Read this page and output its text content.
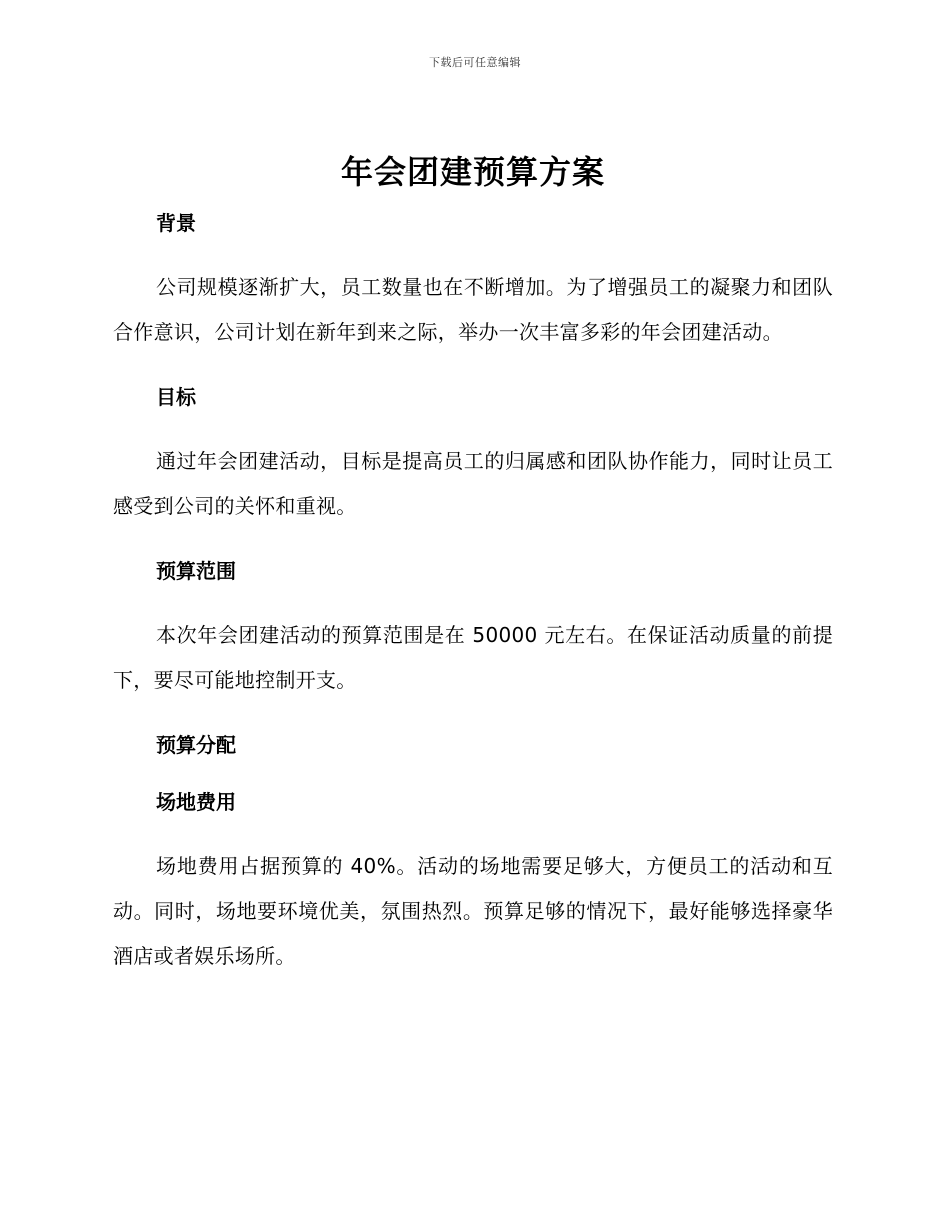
下载后可任意编辑
年会团建预算方案
背景

公司规模逐渐扩大，员工数量也在不断增加。为了增强员工的凝聚力和团队合作意识，公司计划在新年到来之际，举办一次丰富多彩的年会团建活动。

目标

通过年会团建活动，目标是提高员工的归属感和团队协作能力，同时让员工感受到公司的关怀和重视。

预算范围

本次年会团建活动的预算范围是在 50000 元左右。在保证活动质量的前提下，要尽可能地控制开支。

预算分配
场地费用

场地费用占据预算的 40%。活动的场地需要足够大，方便员工的活动和互动。同时，场地要环境优美，氛围热烈。预算足够的情况下，最好能够选择豪华酒店或者娱乐场所。
